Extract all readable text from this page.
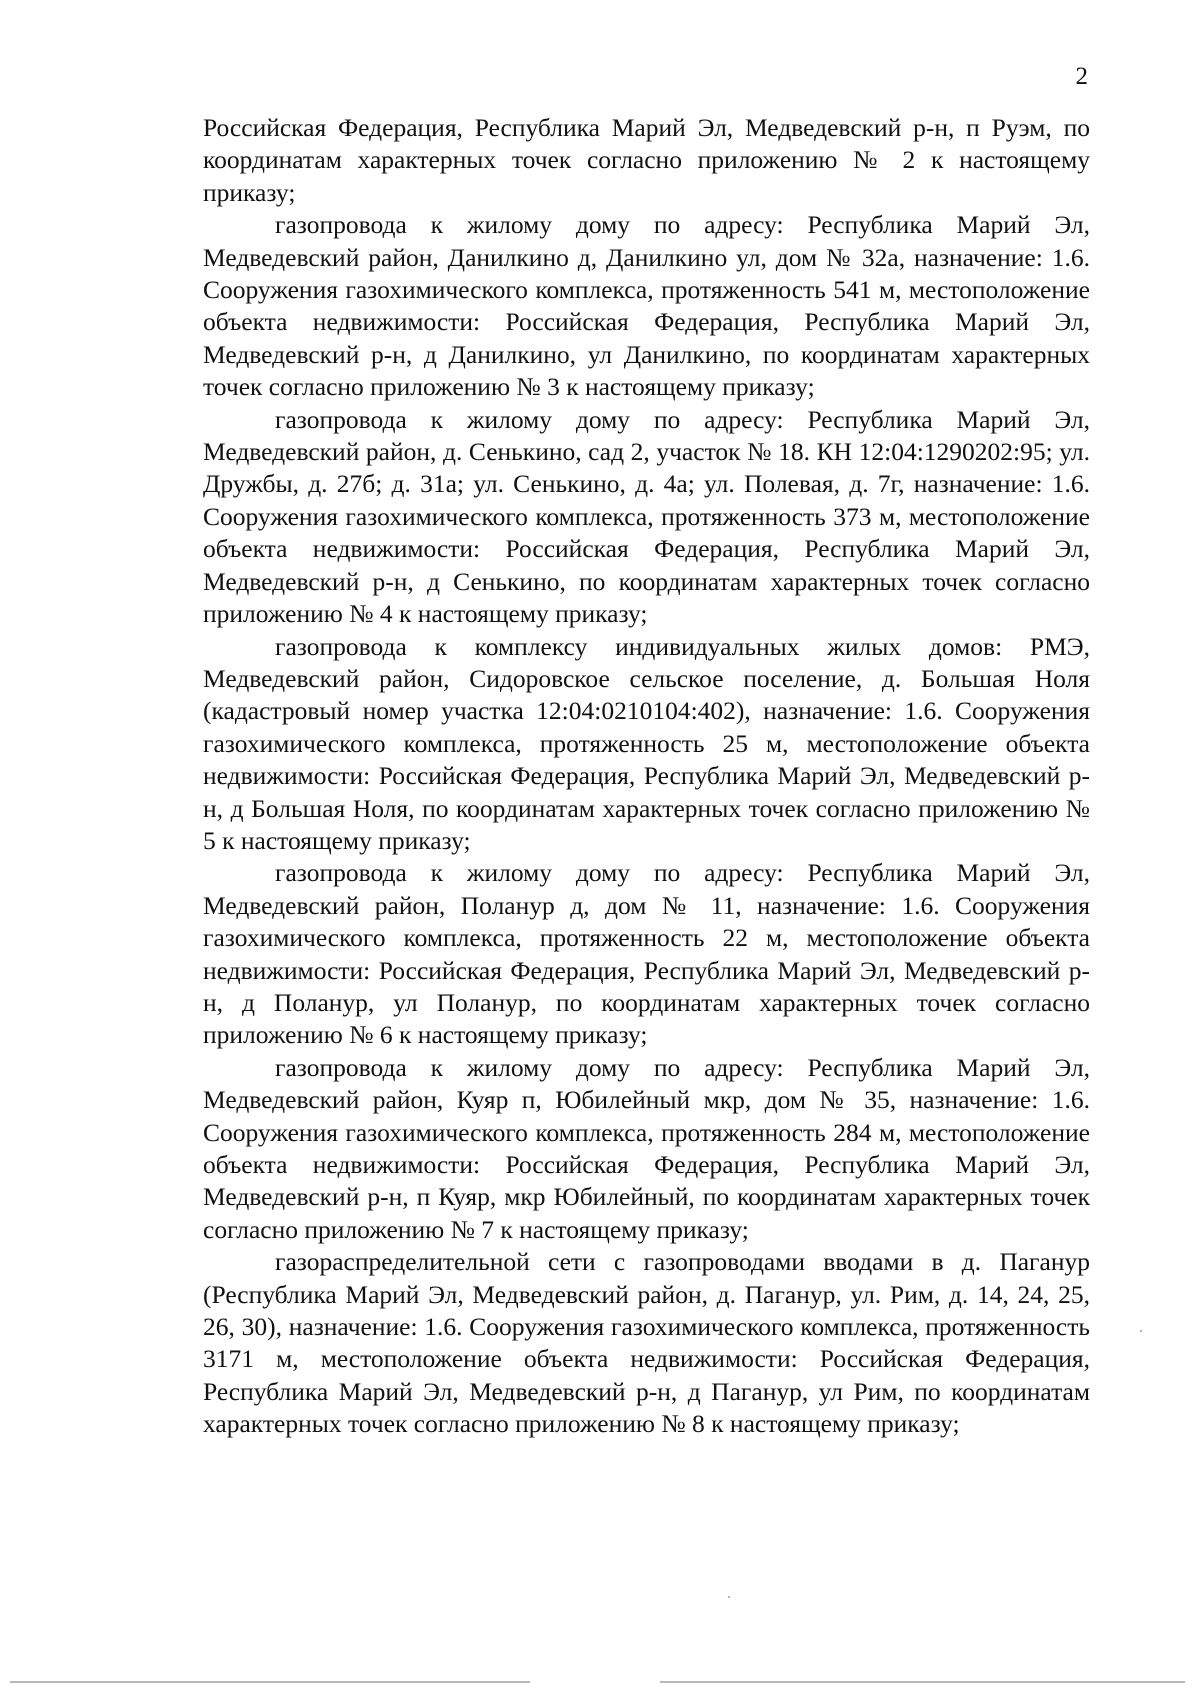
2

Российская Федерация, Республика Марий Эл, Медведевский р-н, п Руэм, по координатам характерных точек согласно приложению № 2 к настоящему приказу;

газопровода к жилому дому по адресу: Республика Марий Эл, Медведевский район, Данилкино д, Данилкино ул, дом № 32а, назначение: 1.6. Сооружения газохимического комплекса, протяженность 541 м, местоположение объекта недвижимости: Российская Федерация, Республика Марий Эл, Медведевский р-н, д Данилкино, ул Данилкино, по координатам характерных точек согласно приложению № 3 к настоящему приказу;

газопровода к жилому дому по адресу: Республика Марий Эл, Медведевский район, д. Сенькино, сад 2, участок № 18. КН 12:04:1290202:95; ул. Дружбы, д. 27б; д. 31а; ул. Сенькино, д. 4а; ул. Полевая, д. 7г, назначение: 1.6. Сооружения газохимического комплекса, протяженность 373 м, местоположение объекта недвижимости: Российская Федерация, Республика Марий Эл, Медведевский р-н, д Сенькино, по координатам характерных точек согласно приложению № 4 к настоящему приказу;

газопровода к комплексу индивидуальных жилых домов: РМЭ, Медведевский район, Сидоровское сельское поселение, д. Большая Ноля (кадастровый номер участка 12:04:0210104:402), назначение: 1.6. Сооружения газохимического комплекса, протяженность 25 м, местоположение объекта недвижимости: Российская Федерация, Республика Марий Эл, Медведевский р-н, д Большая Ноля, по координатам характерных точек согласно приложению № 5 к настоящему приказу;

газопровода к жилому дому по адресу: Республика Марий Эл, Медведевский район, Поланур д, дом № 11, назначение: 1.6. Сооружения газохимического комплекса, протяженность 22 м, местоположение объекта недвижимости: Российская Федерация, Республика Марий Эл, Медведевский р-н, д Поланур, ул Поланур, по координатам характерных точек согласно приложению № 6 к настоящему приказу;

газопровода к жилому дому по адресу: Республика Марий Эл, Медведевский район, Куяр п, Юбилейный мкр, дом № 35, назначение: 1.6. Сооружения газохимического комплекса, протяженность 284 м, местоположение объекта недвижимости: Российская Федерация, Республика Марий Эл, Медведевский р-н, п Куяр, мкр Юбилейный, по координатам характерных точек согласно приложению № 7 к настоящему приказу;

газораспределительной сети с газопроводами вводами в д. Паганур (Республика Марий Эл, Медведевский район, д. Паганур, ул. Рим, д. 14, 24, 25, 26, 30), назначение: 1.6. Сооружения газохимического комплекса, протяженность 3171 м, местоположение объекта недвижимости: Российская Федерация, Республика Марий Эл, Медведевский р-н, д Паганур, ул Рим, по координатам характерных точек согласно приложению № 8 к настоящему приказу;
